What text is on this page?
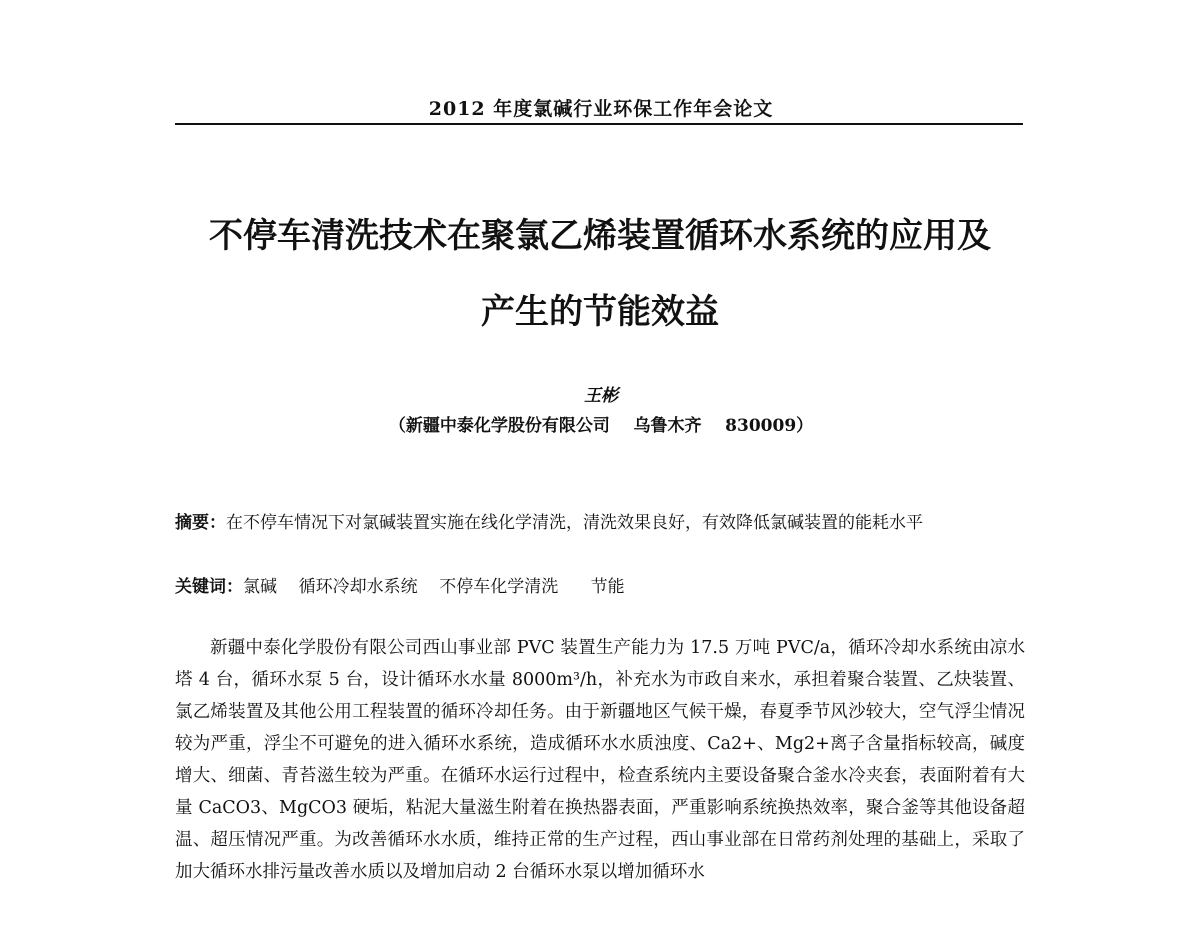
2012 年度氯碱行业环保工作年会论文
不停车清洗技术在聚氯乙烯装置循环水系统的应用及
产生的节能效益
王彬
（新疆中泰化学股份有限公司    乌鲁木齐    830009）
摘要：在不停车情况下对氯碱装置实施在线化学清洗，清洗效果良好，有效降低氯碱装置的能耗水平
关键词：氯碱    循环冷却水系统    不停车化学清洗      节能

新疆中泰化学股份有限公司西山事业部 PVC 装置生产能力为 17.5 万吨 PVC/a，循环冷却水系统由凉水塔 4 台，循环水泵 5 台，设计循环水水量 8000m³/h，补充水为市政自来水，承担着聚合装置、乙炔装置、氯乙烯装置及其他公用工程装置的循环冷却任务。由于新疆地区气候干燥，春夏季节风沙较大，空气浮尘情况较为严重，浮尘不可避免的进入循环水系统，造成循环水水质浊度、Ca2+、Mg2+离子含量指标较高，碱度增大、细菌、青苔滋生较为严重。在循环水运行过程中，检查系统内主要设备聚合釜水冷夹套，表面附着有大量 CaCO3、MgCO3 硬垢，粘泥大量滋生附着在换热器表面，严重影响系统换热效率，聚合釜等其他设备超温、超压情况严重。为改善循环水水质，维持正常的生产过程，西山事业部在日常药剂处理的基础上，采取了加大循环水排污量改善水质以及增加启动 2 台循环水泵以增加循环水
